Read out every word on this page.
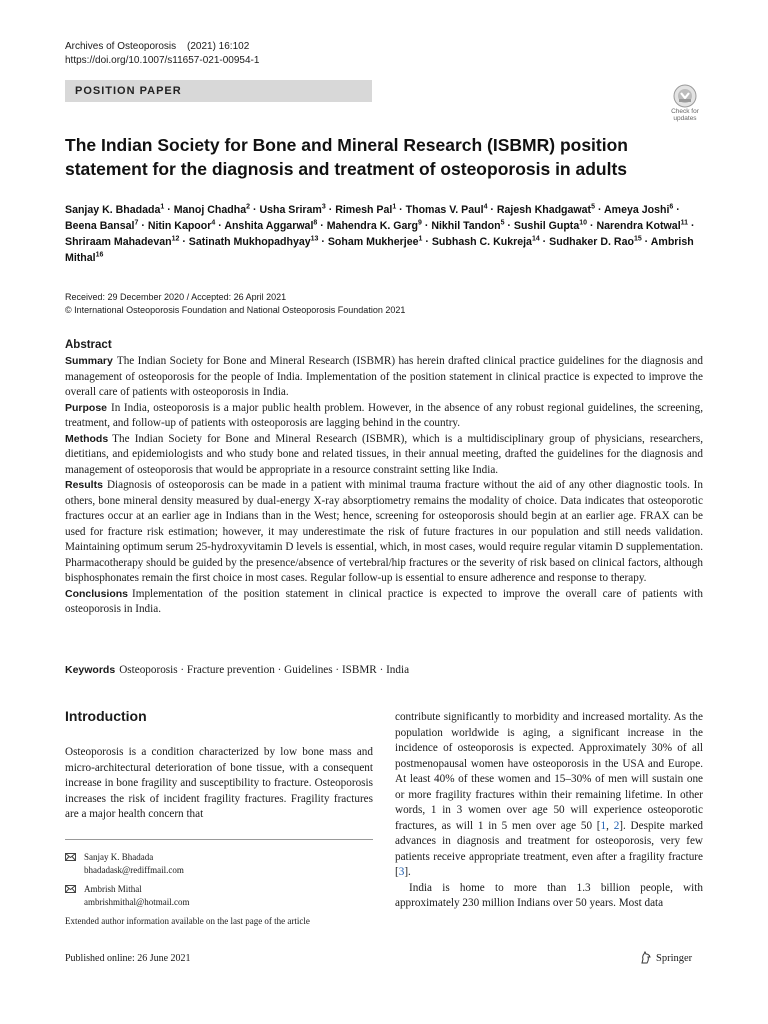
Archives of Osteoporosis (2021) 16:102
https://doi.org/10.1007/s11657-021-00954-1
POSITION PAPER
Check for updates
The Indian Society for Bone and Mineral Research (ISBMR) position statement for the diagnosis and treatment of osteoporosis in adults
Sanjay K. Bhadada$^1$ · Manoj Chadha$^2$ · Usha Sriram$^3$ · Rimesh Pal$^1$ · Thomas V. Paul$^4$ · Rajesh Khadgawat$^5$ · Ameya Joshi$^6$ · Beena Bansal$^7$ · Nitin Kapoor$^4$ · Anshita Aggarwal$^8$ · Mahendra K. Garg$^9$ · Nikhil Tandon$^5$ · Sushil Gupta$^{10}$ · Narendra Kotwal$^{11}$ · Shriraam Mahadevan$^{12}$ · Satinath Mukhopadhyay$^{13}$ · Soham Mukherjee$^1$ · Subhash C. Kukreja$^{14}$ · Sudhaker D. Rao$^{15}$ · Ambrish Mithal$^{16}$
Received: 29 December 2020 / Accepted: 26 April 2021
© International Osteoporosis Foundation and National Osteoporosis Foundation 2021
Abstract

Summary The Indian Society for Bone and Mineral Research (ISBMR) has herein drafted clinical practice guidelines for the diagnosis and management of osteoporosis for the people of India. Implementation of the position statement in clinical practice is expected to improve the overall care of patients with osteoporosis in India.

Purpose In India, osteoporosis is a major public health problem. However, in the absence of any robust regional guidelines, the screening, treatment, and follow-up of patients with osteoporosis are lagging behind in the country.

Methods The Indian Society for Bone and Mineral Research (ISBMR), which is a multidisciplinary group of physicians, researchers, dietitians, and epidemiologists and who study bone and related tissues, in their annual meeting, drafted the guidelines for the diagnosis and management of osteoporosis that would be appropriate in a resource constraint setting like India.

Results Diagnosis of osteoporosis can be made in a patient with minimal trauma fracture without the aid of any other diagnostic tools. In others, bone mineral density measured by dual-energy X-ray absorptiometry remains the modality of choice. Data indicates that osteoporotic fractures occur at an earlier age in Indians than in the West; hence, screening for osteoporosis should begin at an earlier age. FRAX can be used for fracture risk estimation; however, it may underestimate the risk of future fractures in our population and still needs validation. Maintaining optimum serum 25-hydroxyvitamin D levels is essential, which, in most cases, would require regular vitamin D supplementation. Pharmacotherapy should be guided by the presence/absence of vertebral/hip fractures or the severity of risk based on clinical factors, although bisphosphonates remain the first choice in most cases. Regular follow-up is essential to ensure adherence and response to therapy.

Conclusions Implementation of the position statement in clinical practice is expected to improve the overall care of patients with osteoporosis in India.

Keywords Osteoporosis · Fracture prevention · Guidelines · ISBMR · India
Introduction

Osteoporosis is a condition characterized by low bone mass and micro-architectural deterioration of bone tissue, with a consequent increase in bone fragility and susceptibility to fracture. Osteoporosis increases the risk of incident fragility fractures. Fragility fractures are a major health concern that

Sanjay K. Bhadada
bhadadask@rediffmail.com
Ambrish Mithal
ambrishmithal@hotmail.com
Extended author information available on the last page of the article

contribute significantly to morbidity and increased mortality. As the population worldwide is aging, a significant increase in the incidence of osteoporosis is expected. Approximately 30% of all postmenopausal women have osteoporosis in the USA and Europe. At least 40% of these women and 15–30% of men will sustain one or more fragility fractures within their remaining lifetime. In other words, 1 in 3 women over age 50 will experience osteoporotic fractures, as will 1 in 5 men over age 50 [1, 2]. Despite marked advances in diagnosis and treatment for osteoporosis, very few patients receive appropriate treatment, even after a fragility fracture [3].

India is home to more than 1.3 billion people, with approximately 230 million Indians over 50 years. Most data

Published online: 26 June 2021	Springer
